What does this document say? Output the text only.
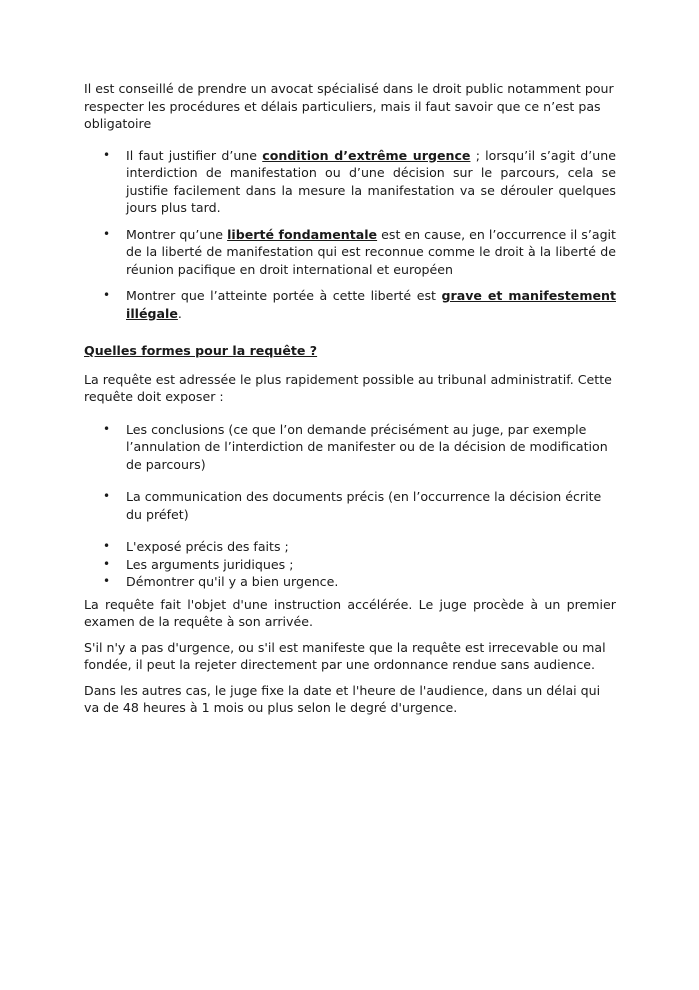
Il est conseillé de prendre un avocat spécialisé dans le droit public notamment pour respecter les procédures et délais particuliers, mais il faut savoir que ce n’est pas obligatoire

• Il faut justifier d’une condition d’extrême urgence ; lorsqu’il s’agit d’une interdiction de manifestation ou d’une décision sur le parcours, cela se justifie facilement dans la mesure la manifestation va se dérouler quelques jours plus tard.
• Montrer qu’une liberté fondamentale est en cause, en l’occurrence il s’agit de la liberté de manifestation qui est reconnue comme le droit à la liberté de réunion pacifique en droit international et européen
• Montrer que l’atteinte portée à cette liberté est grave et manifestement illégale.

Quelles formes pour la requête ?

La requête est adressée le plus rapidement possible au tribunal administratif. Cette requête doit exposer :

• Les conclusions (ce que l’on demande précisément au juge, par exemple l’annulation de l’interdiction de manifester ou de la décision de modification de parcours)
• La communication des documents précis (en l’occurrence la décision écrite du préfet)
• L'exposé précis des faits ;
• Les arguments juridiques ;
• Démontrer qu'il y a bien urgence.

La requête fait l'objet d'une instruction accélérée. Le juge procède à un premier examen de la requête à son arrivée.

S'il n'y a pas d'urgence, ou s'il est manifeste que la requête est irrecevable ou mal fondée, il peut la rejeter directement par une ordonnance rendue sans audience.

Dans les autres cas, le juge fixe la date et l'heure de l'audience, dans un délai qui va de 48 heures à 1 mois ou plus selon le degré d'urgence.
